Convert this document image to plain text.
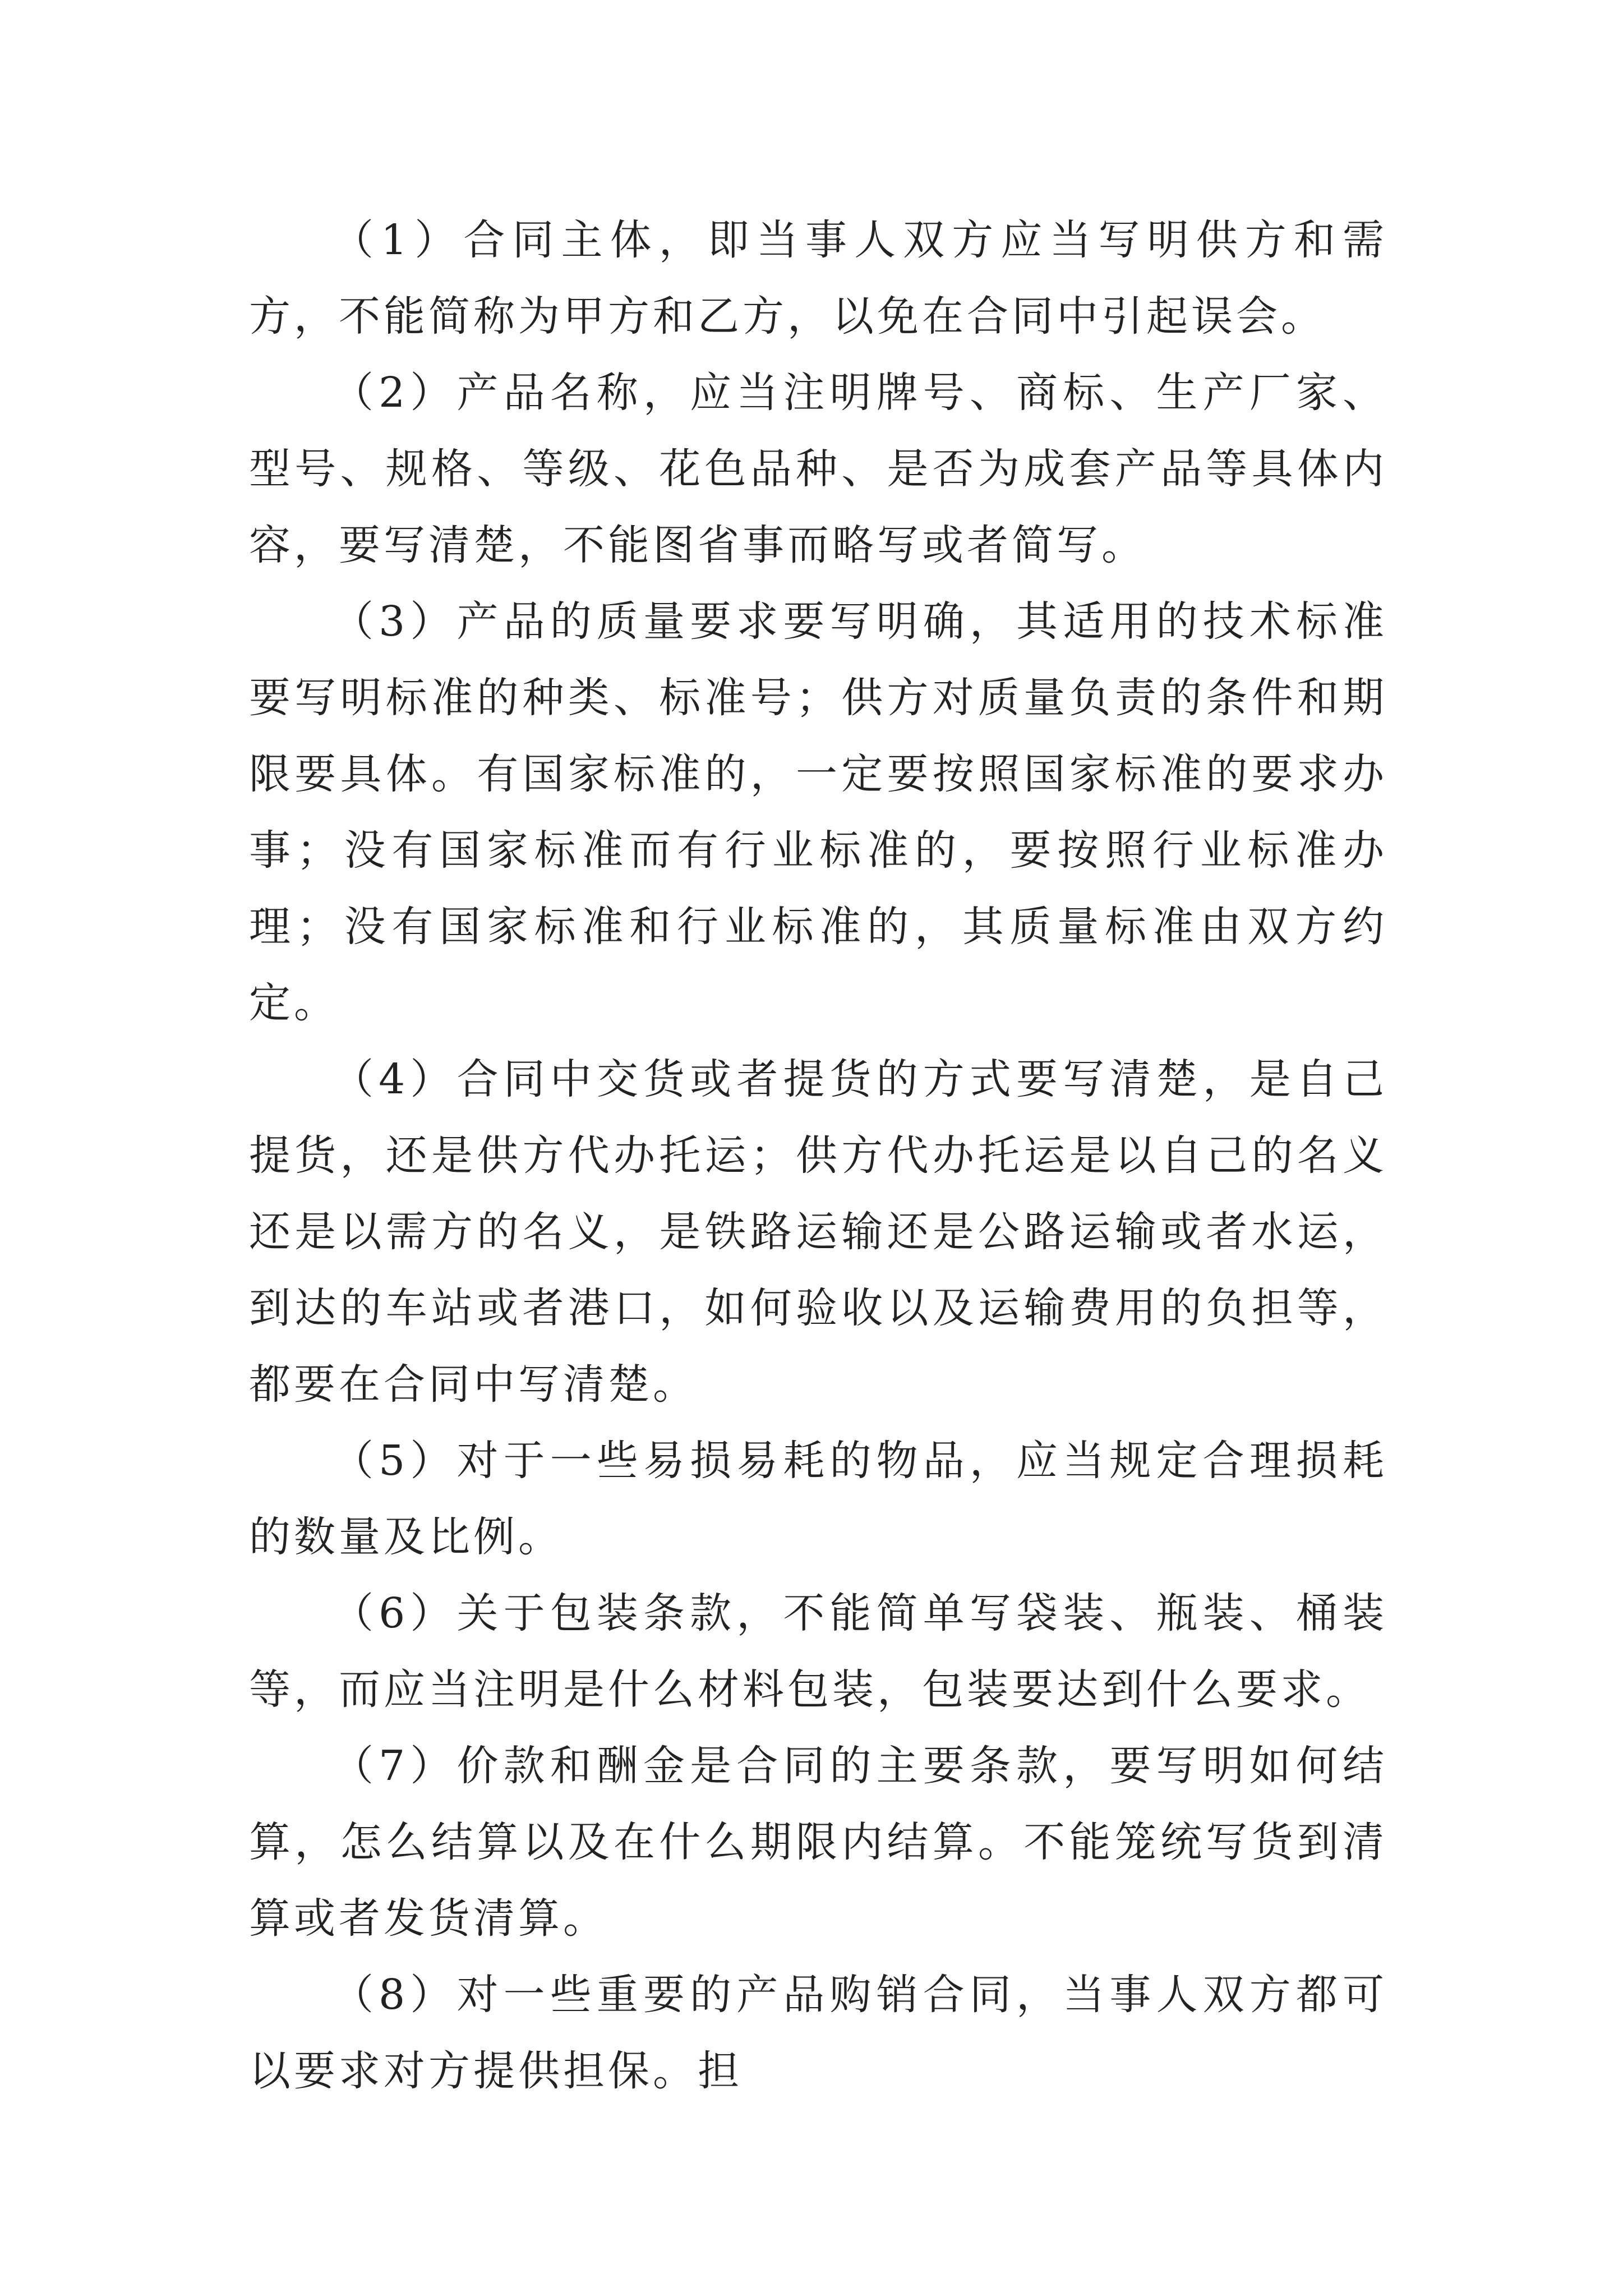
（1）合同主体，即当事人双方应当写明供方和需方，不能简称为甲方和乙方，以免在合同中引起误会。

（2）产品名称，应当注明牌号、商标、生产厂家、型号、规格、等级、花色品种、是否为成套产品等具体内容，要写清楚，不能图省事而略写或者简写。

（3）产品的质量要求要写明确，其适用的技术标准要写明标准的种类、标准号；供方对质量负责的条件和期限要具体。有国家标准的，一定要按照国家标准的要求办事；没有国家标准而有行业标准的，要按照行业标准办理；没有国家标准和行业标准的，其质量标准由双方约定。

（4）合同中交货或者提货的方式要写清楚，是自己提货，还是供方代办托运；供方代办托运是以自己的名义还是以需方的名义，是铁路运输还是公路运输或者水运，到达的车站或者港口，如何验收以及运输费用的负担等，都要在合同中写清楚。

（5）对于一些易损易耗的物品，应当规定合理损耗的数量及比例。

（6）关于包装条款，不能简单写袋装、瓶装、桶装等，而应当注明是什么材料包装，包装要达到什么要求。

（7）价款和酬金是合同的主要条款，要写明如何结算，怎么结算以及在什么期限内结算。不能笼统写货到清算或者发货清算。

（8）对一些重要的产品购销合同，当事人双方都可以要求对方提供担保。担
